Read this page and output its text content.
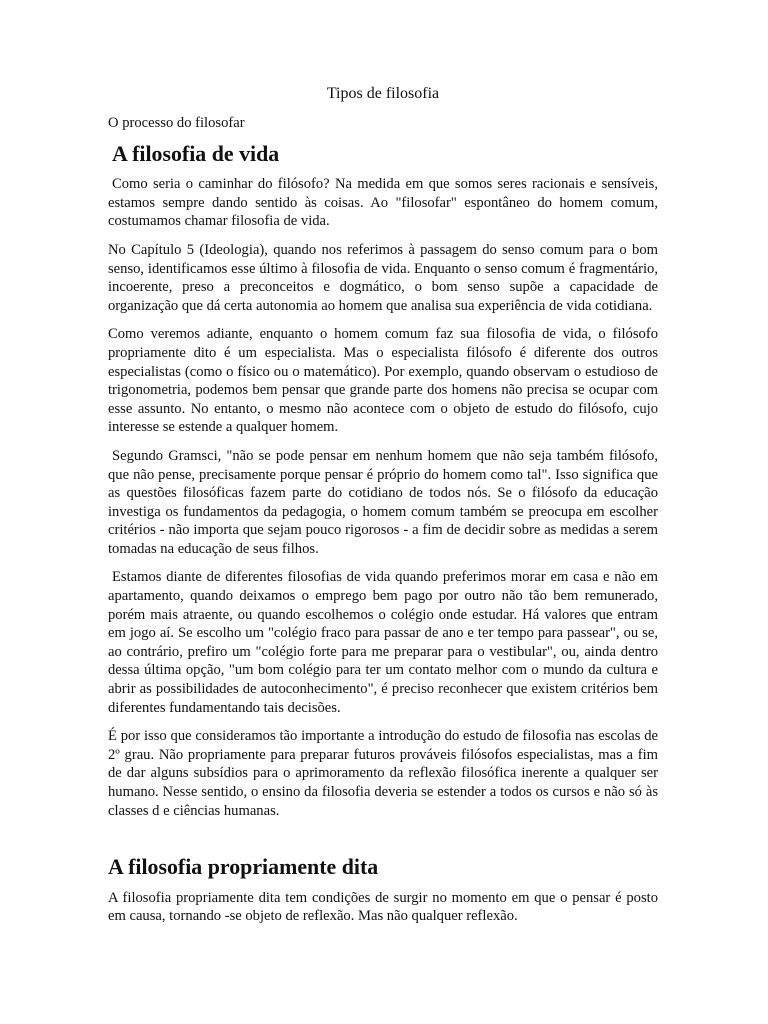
Tipos de filosofia

O processo do filosofar

A filosofia de vida

Como seria o caminhar do filósofo? Na medida em que somos seres racionais e sensíveis, estamos sempre dando sentido às coisas. Ao "filosofar" espontâneo do homem comum, costumamos chamar filosofia de vida.

No Capítulo 5 (Ideologia), quando nos referimos à passagem do senso comum para o bom senso, identificamos esse último à filosofia de vida. Enquanto o senso comum é fragmentário, incoerente, preso a preconceitos e dogmático, o bom senso supõe a capacidade de organização que dá certa autonomia ao homem que analisa sua experiência de vida cotidiana.

Como veremos adiante, enquanto o homem comum faz sua filosofia de vida, o filósofo propriamente dito é um especialista. Mas o especialista filósofo é diferente dos outros especialistas (como o físico ou o matemático). Por exemplo, quando observam o estudioso de trigonometria, podemos bem pensar que grande parte dos homens não precisa se ocupar com esse assunto. No entanto, o mesmo não acontece com o objeto de estudo do filósofo, cujo interesse se estende a qualquer homem.

Segundo Gramsci, "não se pode pensar em nenhum homem que não seja também filósofo, que não pense, precisamente porque pensar é próprio do homem como tal". Isso significa que as questões filosóficas fazem parte do cotidiano de todos nós. Se o filósofo da educação investiga os fundamentos da pedagogia, o homem comum também se preocupa em escolher critérios - não importa que sejam pouco rigorosos - a fim de decidir sobre as medidas a serem tomadas na educação de seus filhos.

Estamos diante de diferentes filosofias de vida quando preferimos morar em casa e não em apartamento, quando deixamos o emprego bem pago por outro não tão bem remunerado, porém mais atraente, ou quando escolhemos o colégio onde estudar. Há valores que entram em jogo aí. Se escolho um "colégio fraco para passar de ano e ter tempo para passear", ou se, ao contrário, prefiro um "colégio forte para me preparar para o vestibular", ou, ainda dentro dessa última opção, "um bom colégio para ter um contato melhor com o mundo da cultura e abrir as possibilidades de autoconhecimento", é preciso reconhecer que existem critérios bem diferentes fundamentando tais decisões.

É por isso que consideramos tão importante a introdução do estudo de filosofia nas escolas de 2º grau. Não propriamente para preparar futuros prováveis filósofos especialistas, mas a fim de dar alguns subsídios para o aprimoramento da reflexão filosófica inerente a qualquer ser humano. Nesse sentido, o ensino da filosofia deveria se estender a todos os cursos e não só às classes d e ciências humanas.

A filosofia propriamente dita

A filosofia propriamente dita tem condições de surgir no momento em que o pensar é posto em causa, tornando -se objeto de reflexão. Mas não qualquer reflexão.
